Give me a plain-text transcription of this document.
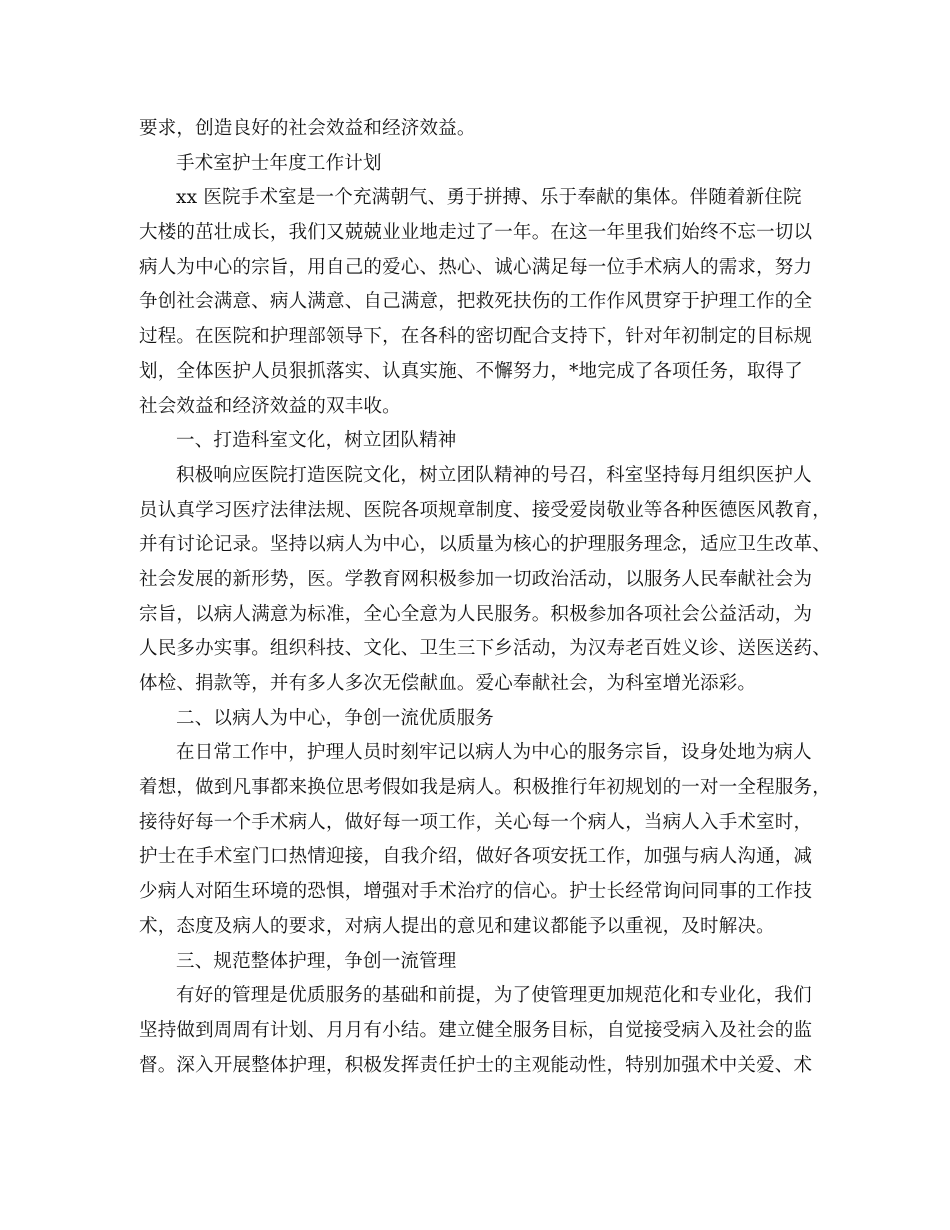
要求，创造良好的社会效益和经济效益。
手术室护士年度工作计划
xx 医院手术室是一个充满朝气、勇于拼搏、乐于奉献的集体。伴随着新住院
大楼的茁壮成长，我们又兢兢业业地走过了一年。在这一年里我们始终不忘一切以
病人为中心的宗旨，用自己的爱心、热心、诚心满足每一位手术病人的需求，努力
争创社会满意、病人满意、自己满意，把救死扶伤的工作作风贯穿于护理工作的全
过程。在医院和护理部领导下，在各科的密切配合支持下，针对年初制定的目标规
划，全体医护人员狠抓落实、认真实施、不懈努力，*地完成了各项任务，取得了
社会效益和经济效益的双丰收。
一、打造科室文化，树立团队精神
积极响应医院打造医院文化，树立团队精神的号召，科室坚持每月组织医护人
员认真学习医疗法律法规、医院各项规章制度、接受爱岗敬业等各种医德医风教育，
并有讨论记录。坚持以病人为中心，以质量为核心的护理服务理念，适应卫生改革、
社会发展的新形势，医。学教育网积极参加一切政治活动，以服务人民奉献社会为
宗旨，以病人满意为标准，全心全意为人民服务。积极参加各项社会公益活动，为
人民多办实事。组织科技、文化、卫生三下乡活动，为汉寿老百姓义诊、送医送药、
体检、捐款等，并有多人多次无偿献血。爱心奉献社会，为科室增光添彩。
二、以病人为中心，争创一流优质服务
在日常工作中，护理人员时刻牢记以病人为中心的服务宗旨，设身处地为病人
着想，做到凡事都来换位思考假如我是病人。积极推行年初规划的一对一全程服务，
接待好每一个手术病人，做好每一项工作，关心每一个病人，当病人入手术室时，
护士在手术室门口热情迎接，自我介绍，做好各项安抚工作，加强与病人沟通，减
少病人对陌生环境的恐惧，增强对手术治疗的信心。护士长经常询问同事的工作技
术，态度及病人的要求，对病人提出的意见和建议都能予以重视，及时解决。
三、规范整体护理，争创一流管理
有好的管理是优质服务的基础和前提，为了使管理更加规范化和专业化，我们
坚持做到周周有计划、月月有小结。建立健全服务目标，自觉接受病入及社会的监
督。深入开展整体护理，积极发挥责任护士的主观能动性，特别加强术中关爱、术
